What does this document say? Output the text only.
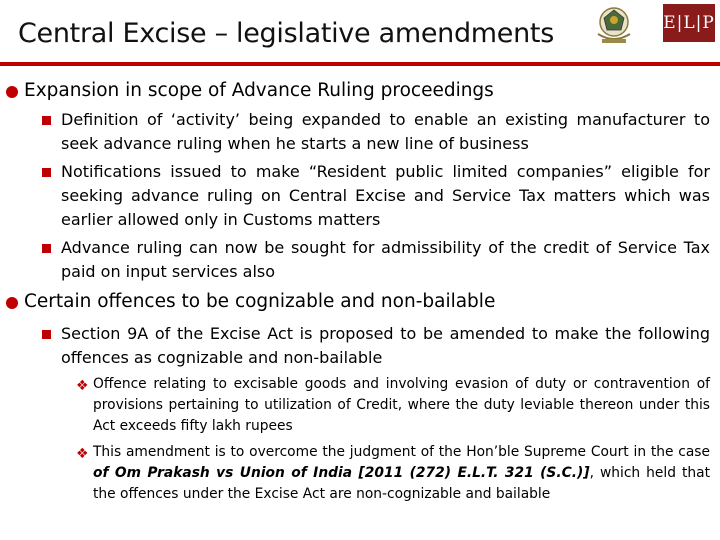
Central Excise – legislative amendments	E|L|P
Expansion in scope of Advance Ruling proceedings
Definition of ‘activity’ being expanded to enable an existing manufacturer to seek advance ruling when he starts a new line of business
Notifications issued to make “Resident public limited companies” eligible for seeking advance ruling on Central Excise and Service Tax matters which was earlier allowed only in Customs matters
Advance ruling can now be sought for admissibility of the credit of Service Tax paid on input services also
Certain offences to be cognizable and non-bailable
Section 9A of the Excise Act is proposed to be amended to make the following offences as cognizable and non-bailable
❖ Offence relating to excisable goods and involving evasion of duty or contravention of provisions pertaining to utilization of Credit, where the duty leviable thereon under this Act exceeds fifty lakh rupees
❖ This amendment is to overcome the judgment of the Hon’ble Supreme Court in the case of Om Prakash vs Union of India [2011 (272) E.L.T. 321 (S.C.)], which held that the offences under the Excise Act are non-cognizable and bailable
